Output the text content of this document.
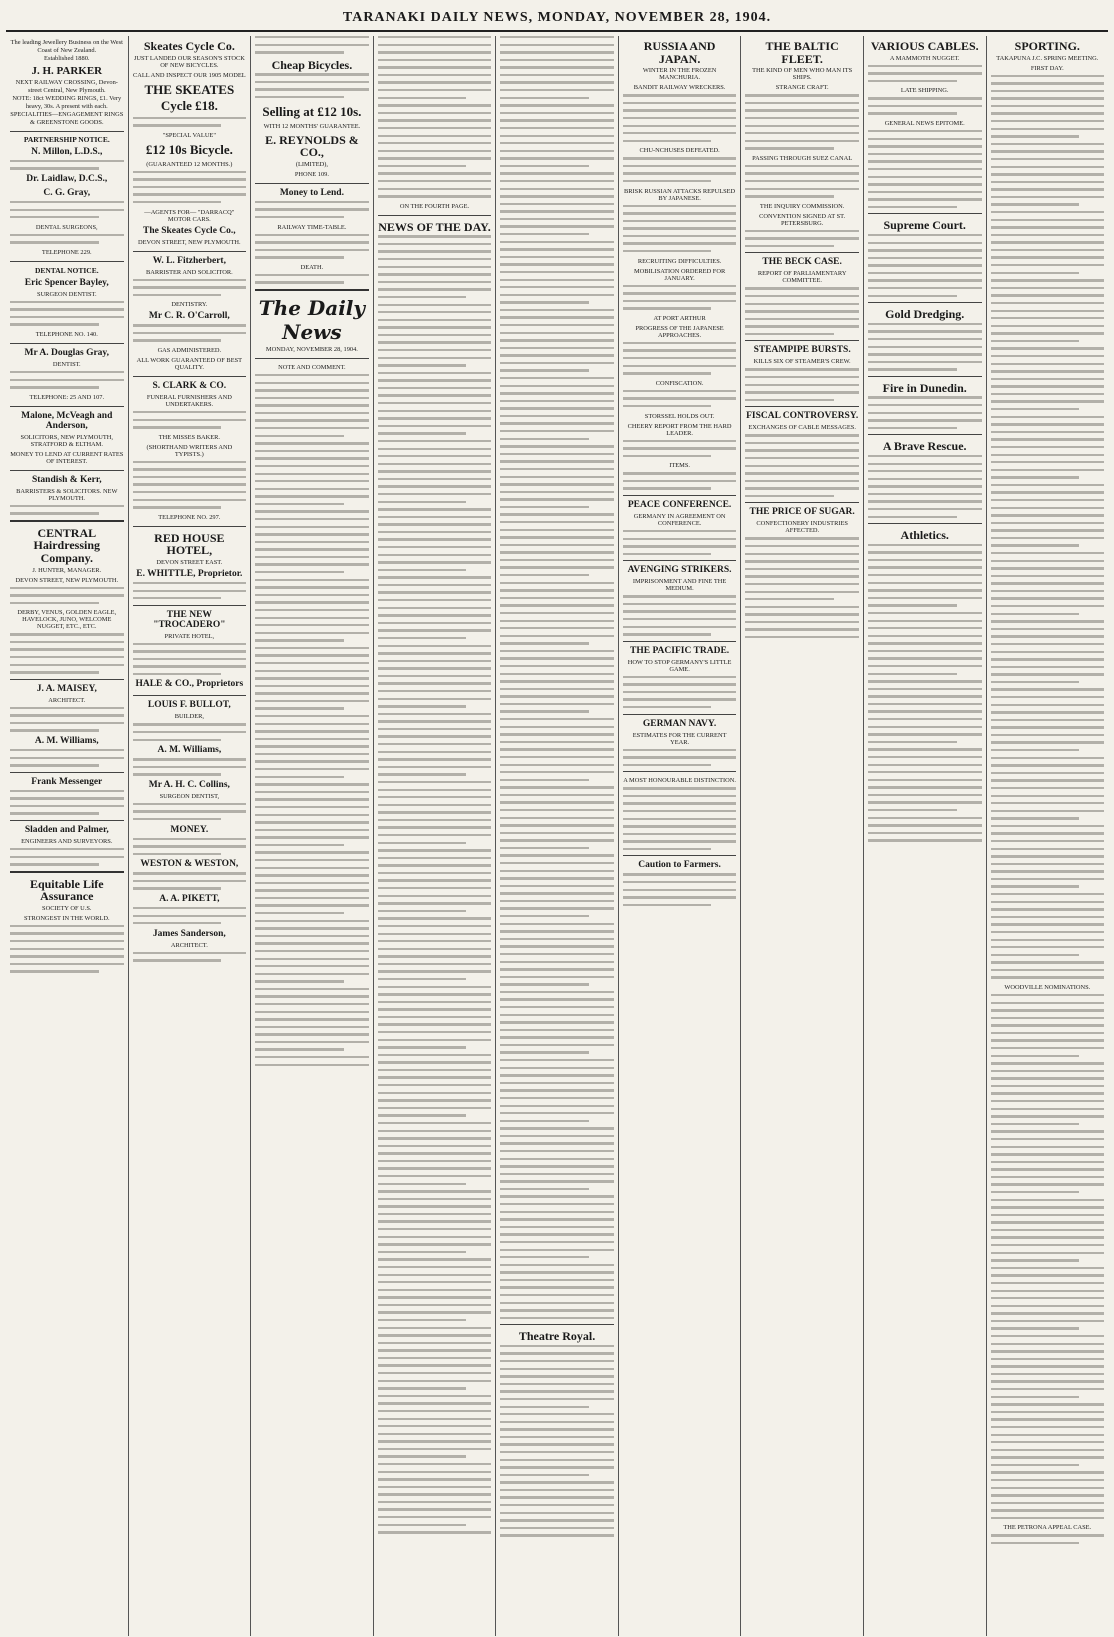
TARANAKI DAILY NEWS, MONDAY, NOVEMBER 28, 1904.
The leading Jewellery Business on the West Coast of New Zealand.
Established 1880.
J. H. PARKER
NEXT RAILWAY CROSSING, Devon-street Central, New Plymouth.
NOTE: 18ct WEDDING RINGS, £1. Very heavy, 30s. A present with each.
SPECIALITIES—ENGAGEMENT RINGS & GREENSTONE GOODS.
PARTNERSHIP NOTICE.
N. Millon, L.D.S.,
Dr. Laidlaw, D.C.S.,
C. G. Gray,
DENTAL SURGEONS,
TELEPHONE 229.
DENTAL NOTICE.
Eric Spencer Bayley,
SURGEON DENTIST.
TELEPHONE NO. 140.
Mr A. Douglas Gray,
DENTIST.
TELEPHONE: 25 AND 107.
Malone, McVeagh and Anderson,
SOLICITORS, NEW PLYMOUTH, STRATFORD & ELTHAM.
MONEY TO LEND AT CURRENT RATES OF INTEREST.
Standish & Kerr,
BARRISTERS & SOLICITORS. NEW PLYMOUTH.
CENTRAL Hairdressing Company.
J. HUNTER, MANAGER.
DEVON STREET, NEW PLYMOUTH.
DERBY, VENUS, GOLDEN EAGLE, HAVELOCK, JUNO, WELCOME NUGGET, ETC., ETC.
J. A. MAISEY,
ARCHITECT.
A. M. Williams,
Frank Messenger
Sladden and Palmer,
ENGINEERS AND SURVEYORS.
Equitable Life Assurance
SOCIETY OF U.S.
STRONGEST IN THE WORLD.
Skeates Cycle Co.
JUST LANDED OUR SEASON'S STOCK OF NEW BICYCLES.
CALL AND INSPECT OUR 1905 MODEL
THE SKEATES Cycle £18.
"SPECIAL VALUE"
£12 10s Bicycle.
(GUARANTEED 12 MONTHS.)
—AGENTS FOR— "DARRACQ" MOTOR CARS.
The Skeates Cycle Co.,
DEVON STREET, NEW PLYMOUTH.
W. L. Fitzherbert,
BARRISTER AND SOLICITOR.
DENTISTRY.
Mr C. R. O'Carroll,
GAS ADMINISTERED.
ALL WORK GUARANTEED OF BEST QUALITY.
S. CLARK & CO.
FUNERAL FURNISHERS AND UNDERTAKERS.
THE MISSES BAKER.
(SHORTHAND WRITERS AND TYPISTS.)
TELEPHONE NO. 297.
RED HOUSE HOTEL,
DEVON STREET EAST.
E. WHITTLE, Proprietor.
THE NEW "TROCADERO"
PRIVATE HOTEL,
HALE & CO., Proprietors
LOUIS F. BULLOT,
BUILDER,
A. M. Williams,
Mr A. H. C. Collins,
SURGEON DENTIST,
MONEY.
WESTON & WESTON,
A. A. PIKETT,
James Sanderson,
ARCHITECT.
Cheap Bicycles.
Selling at £12 10s.
WITH 12 MONTHS' GUARANTEE.
E. REYNOLDS & CO.,
(LIMITED),
PHONE 109.
Money to Lend.
RAILWAY TIME-TABLE.
DEATH.
The Daily News
MONDAY, NOVEMBER 28, 1904.
NOTE AND COMMENT.
ON THE FOURTH PAGE.
NEWS OF THE DAY.
Theatre Royal.
RUSSIA AND JAPAN.
WINTER IN THE FROZEN MANCHURIA.
BANDIT RAILWAY WRECKERS.
CHU-NCHUSES DEFEATED.
BRISK RUSSIAN ATTACKS REPULSED BY JAPANESE.
RECRUITING DIFFICULTIES.
MOBILISATION ORDERED FOR JANUARY.
AT PORT ARTHUR
PROGRESS OF THE JAPANESE APPROACHES.
CONFISCATION.
STORSSEL HOLDS OUT.
CHEERY REPORT FROM THE HARD LEADER.
ITEMS.
PEACE CONFERENCE.
GERMANY IN AGREEMENT ON CONFERENCE.
AVENGING STRIKERS.
IMPRISONMENT AND FINE THE MEDIUM.
THE PACIFIC TRADE.
HOW TO STOP GERMANY'S LITTLE GAME.
GERMAN NAVY.
ESTIMATES FOR THE CURRENT YEAR.
A MOST HONOURABLE DISTINCTION.
Caution to Farmers.
THE BALTIC FLEET.
THE KIND OF MEN WHO MAN ITS SHIPS.
STRANGE CRAFT.
PASSING THROUGH SUEZ CANAL
THE INQUIRY COMMISSION.
CONVENTION SIGNED AT ST. PETERSBURG.
THE BECK CASE.
REPORT OF PARLIAMENTARY COMMITTEE.
STEAMPIPE BURSTS.
KILLS SIX OF STEAMER'S CREW.
FISCAL CONTROVERSY.
EXCHANGES OF CABLE MESSAGES.
THE PRICE OF SUGAR.
CONFECTIONERY INDUSTRIES AFFECTED.
VARIOUS CABLES.
A MAMMOTH NUGGET.
LATE SHIPPING.
GENERAL NEWS EPITOME.
Supreme Court.
Gold Dredging.
Fire in Dunedin.
A Brave Rescue.
Athletics.
SPORTING.
TAKAPUNA J.C. SPRING MEETING.
FIRST DAY.
WOODVILLE NOMINATIONS.
THE PETRONA APPEAL CASE.
